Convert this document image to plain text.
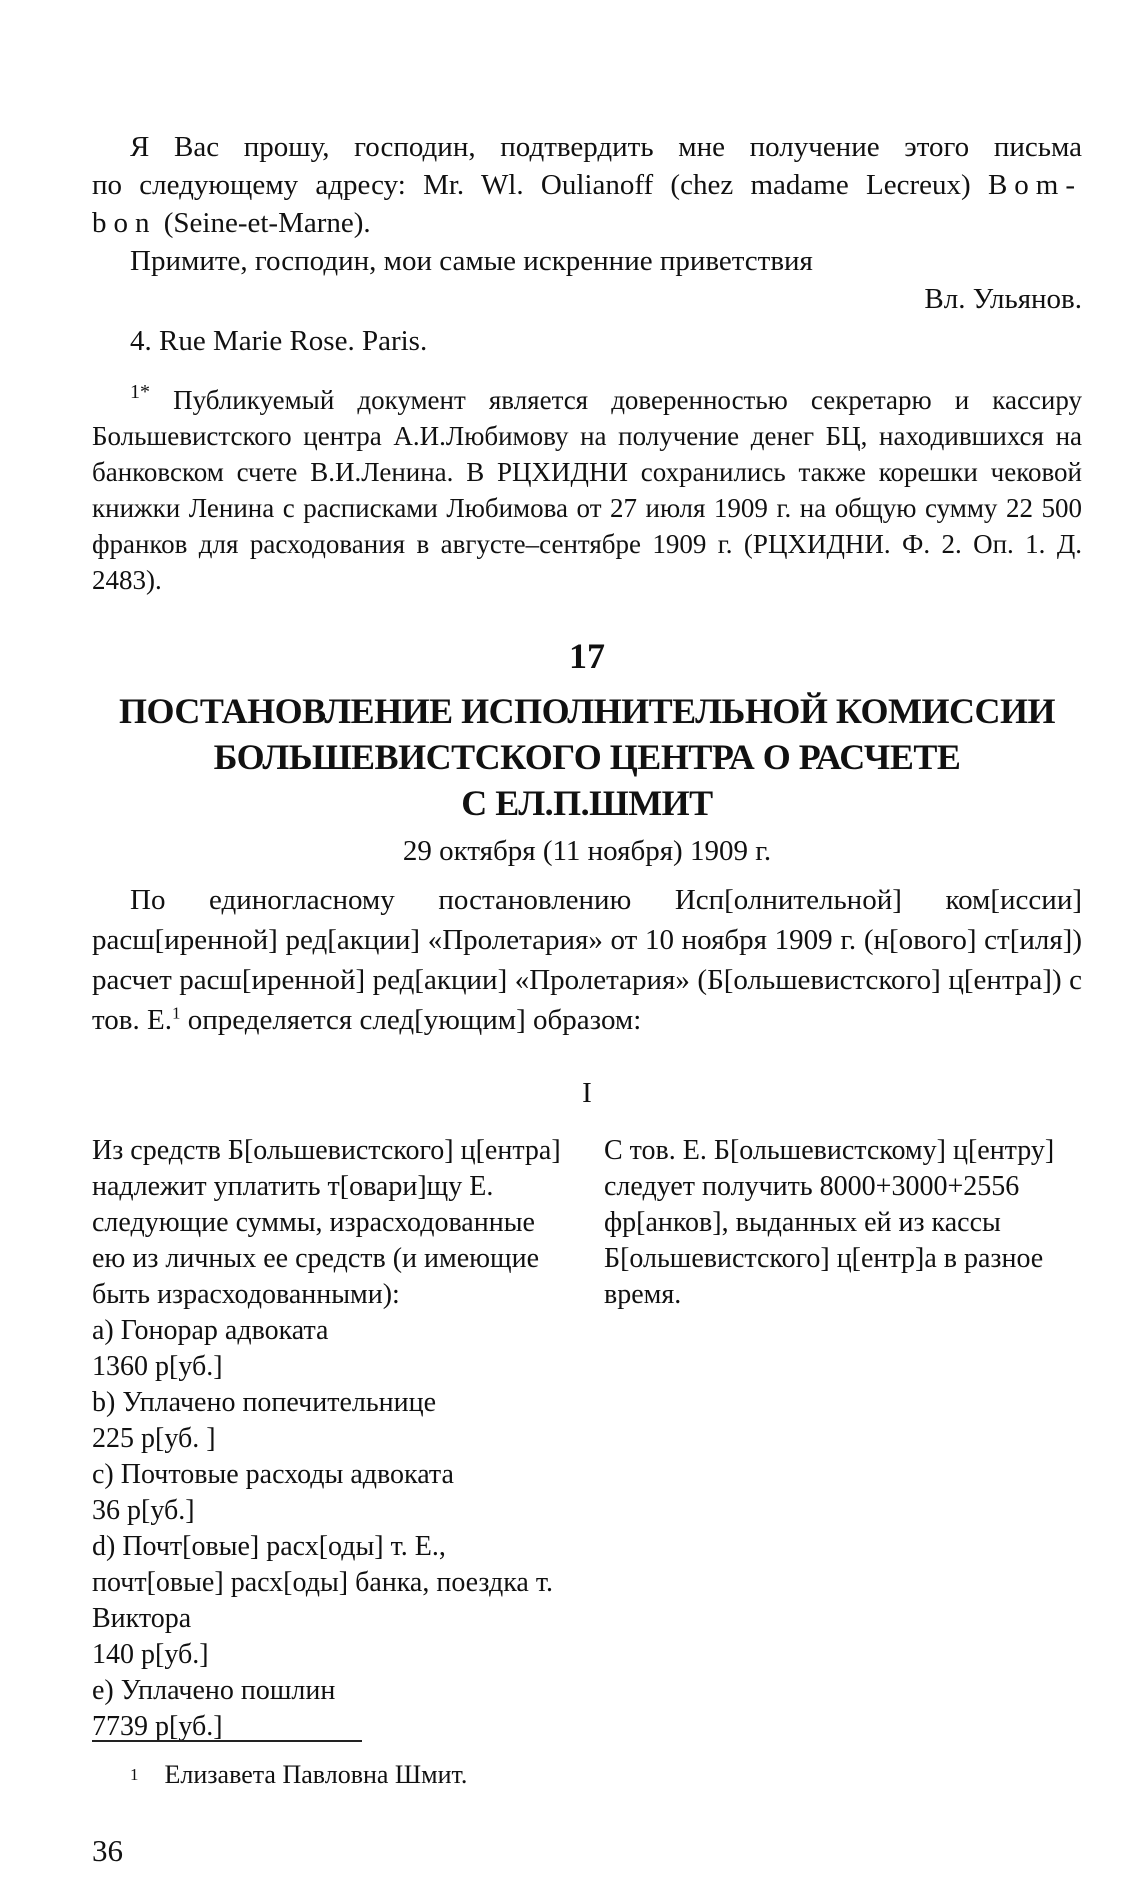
Я Вас прошу, господин, подтвердить мне получение этого письма

по следующему адресу: Mr. Wl. Oulianoff (chez madame Lecreux) Bom-

bon (Seine-et-Marne).

Примите, господин, мои самые искренние приветствия

Вл. Ульянов.

4. Rue Marie Rose. Paris.

$^{1*}$ Публикуемый документ является доверенностью секретарю и кассиру Большевистского центра А.И.Любимову на получение денег БЦ, находившихся на банковском счете В.И.Ленина. В РЦХИДНИ сохранились также корешки чековой книжки Ленина с расписками Любимова от 27 июля 1909 г. на общую сумму 22 500 франков для расходования в августе–сентябре 1909 г. (РЦХИДНИ. Ф. 2. Оп. 1. Д. 2483).

17

ПОСТАНОВЛЕНИЕ ИСПОЛНИТЕЛЬНОЙ КОМИССИИ

БОЛЬШЕВИСТСКОГО ЦЕНТРА О РАСЧЕТЕ

С ЕЛ.П.ШМИТ

29 октября (11 ноября) 1909 г.

По единогласному постановлению Исп[олнительной] ком[иссии] расш[иренной] ред[акции] «Пролетария» от 10 ноября 1909 г. (н[ового] ст[иля]) расчет расш[иренной] ред[акции] «Пролетария» (Б[ольшевистского] ц[ентра]) с тов. Е.$^1$ определяется след[ующим] образом:

I

Из средств Б[ольшевистского] ц[ентра] надлежит уплатить т[овари]щу Е. следующие суммы, израсходованные ею из личных ее средств (и имеющие быть израсходованными):
a) Гонорар адвоката
1360 р[уб.]
b) Уплачено попечительнице
225 р[уб. ]
c) Почтовые расходы адвоката
36 р[уб.]
d) Почт[овые] расх[оды] т. Е., почт[овые] расх[оды] банка, поездка т. Виктора
140 р[уб.]
e) Уплачено пошлин
7739 р[уб.]
С тов. Е. Б[ольшевистскому] ц[ентру] следует получить 8000+3000+2556 фр[анков], выданных ей из кассы Б[ольшевистского] ц[ентр]а в разное время.

$^1$ Елизавета Павловна Шмит.

36
